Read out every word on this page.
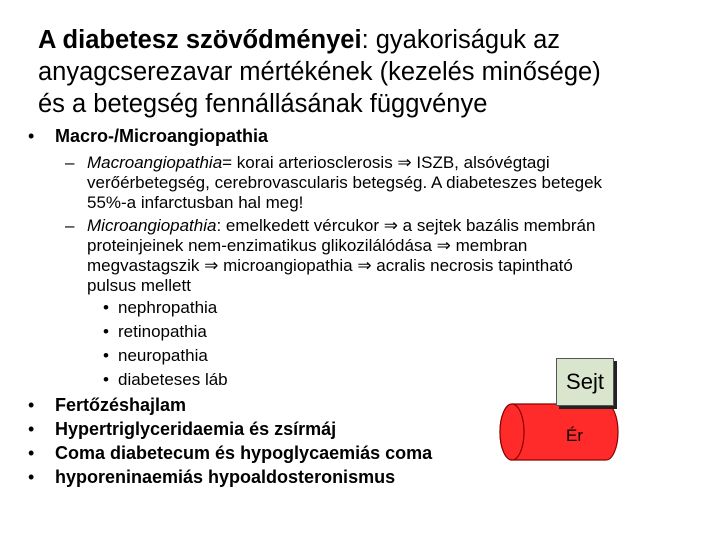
A diabetesz szövődményei: gyakoriságuk az
anyagcserezavar mértékének (kezelés minősége)
és a betegség fennállásának függvénye
• Macro-/Microangiopathia
– Macroangiopathia= korai arteriosclerosis ⇒ ISZB, alsóvégtagi
verőérbetegség, cerebrovascularis betegség. A diabeteszes betegek
55%-a infarctusban hal meg!
– Microangiopathia: emelkedett vércukor ⇒ a sejtek bazális membrán
proteinjeinek nem-enzimatikus glikozilálódása ⇒ membran
megvastagszik ⇒ microangiopathia ⇒ acralis necrosis tapintható
pulsus mellett
• nephropathia
• retinopathia
• neuropathia
• diabeteses láb
• Fertőzéshajlam
• Hypertriglyceridaemia és zsírmáj
• Coma diabetecum és hypoglycaemiás coma
• hyporeninaemiás hypoaldosteronismus
Ér
Sejt
